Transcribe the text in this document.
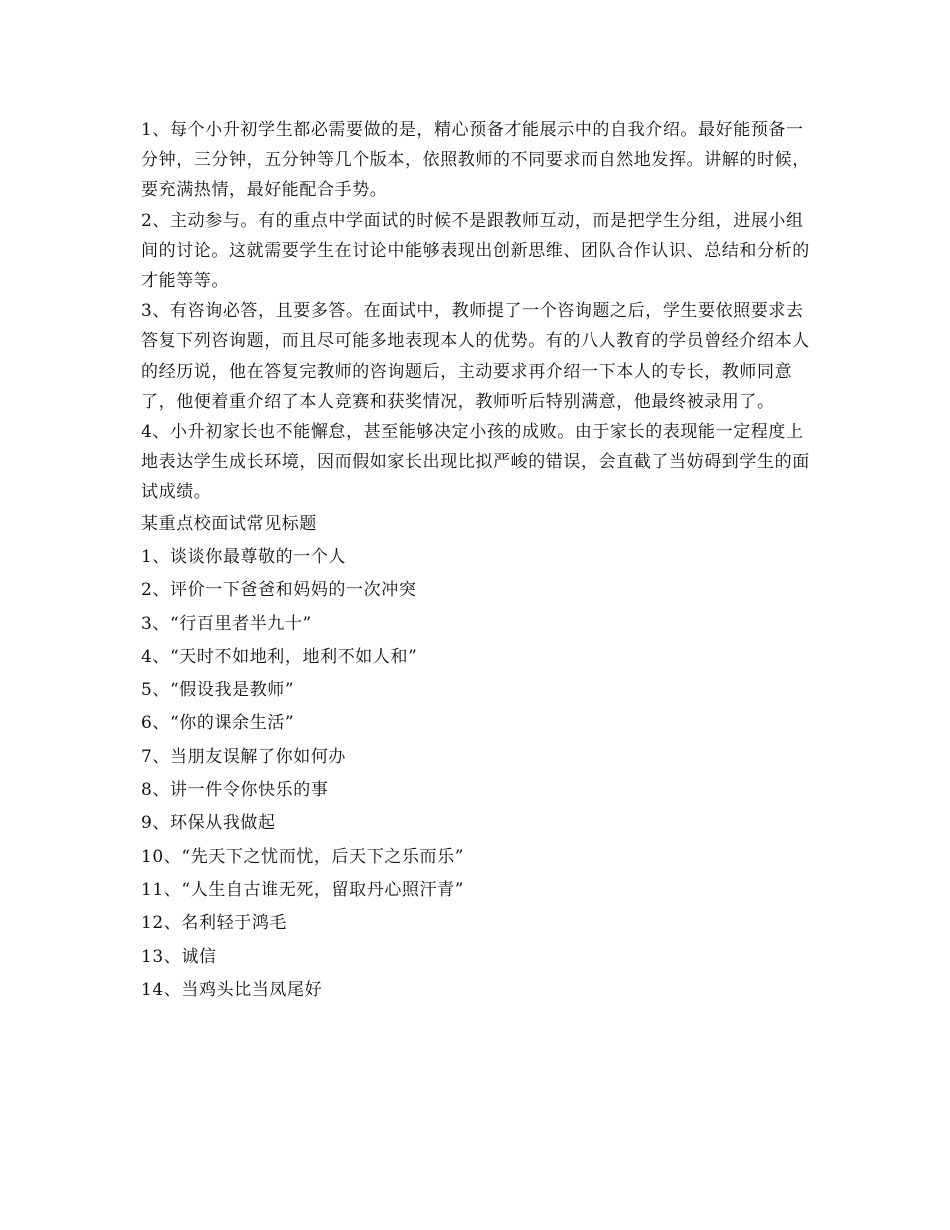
1、每个小升初学生都必需要做的是，精心预备才能展示中的自我介绍。最好能预备一分钟，三分钟，五分钟等几个版本，依照教师的不同要求而自然地发挥。讲解的时候，要充满热情，最好能配合手势。

2、主动参与。有的重点中学面试的时候不是跟教师互动，而是把学生分组，进展小组间的讨论。这就需要学生在讨论中能够表现出创新思维、团队合作认识、总结和分析的才能等等。

3、有咨询必答，且要多答。在面试中，教师提了一个咨询题之后，学生要依照要求去答复下列咨询题，而且尽可能多地表现本人的优势。有的八人教育的学员曾经介绍本人的经历说，他在答复完教师的咨询题后，主动要求再介绍一下本人的专长，教师同意了，他便着重介绍了本人竞赛和获奖情况，教师听后特别满意，他最终被录用了。

4、小升初家长也不能懈怠，甚至能够决定小孩的成败。由于家长的表现能一定程度上地表达学生成长环境，因而假如家长出现比拟严峻的错误，会直截了当妨碍到学生的面试成绩。

某重点校面试常见标题

1、谈谈你最尊敬的一个人

2、评价一下爸爸和妈妈的一次冲突

3、“行百里者半九十”

4、“天时不如地利，地利不如人和”

5、“假设我是教师”

6、“你的课余生活”

7、当朋友误解了你如何办

8、讲一件令你快乐的事

9、环保从我做起

10、“先天下之忧而忧，后天下之乐而乐”

11、“人生自古谁无死，留取丹心照汗青”

12、名利轻于鸿毛

13、诚信

14、当鸡头比当凤尾好
